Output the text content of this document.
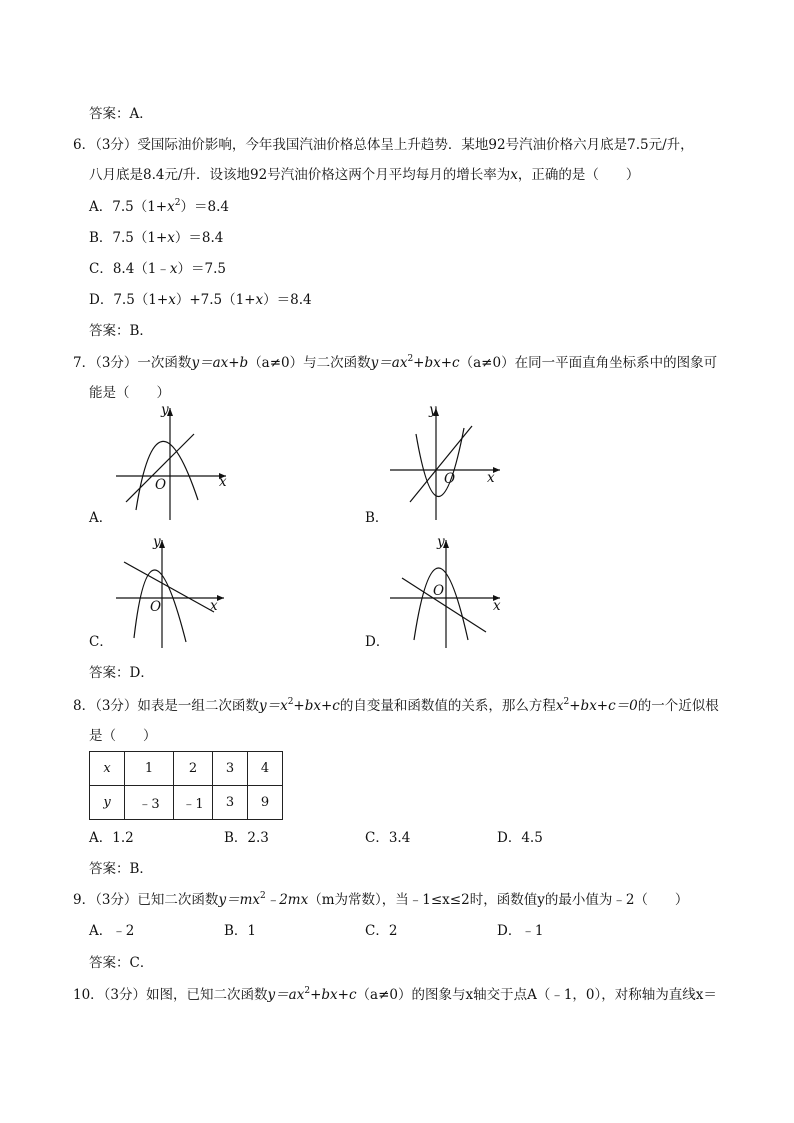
答案：A．
6．（3分）受国际油价影响，今年我国汽油价格总体呈上升趋势．某地92号汽油价格六月底是7.5元/升，
八月底是8.4元/升．设该地92号汽油价格这两个月平均每月的增长率为x，正确的是（　　）
A．$7.5(1+x^2)=8.4$
B．7.5（1+x）＝8.4
C．8.4（1﹣x）＝7.5
D．7.5（1+x）+7.5（1+x）＝8.4
答案：B．
7．（3分）一次函数y＝ax+b（a≠0）与二次函数$y=ax^2+bx+c(a\ne 0)$在同一平面直角坐标系中的图象可
能是（　　）
y
x
O
A．
y
x
O
B．
y
x
O
C．
y
x
O
D．
答案：D．
8．（3分）如表是一组二次函数$y=x^2+bx+c$的自变量和函数值的关系，那么方程$x^2+bx+c=0$的一个近似根
是（　　）
x	1	2	3	4
y	﹣3	﹣1	3	9
A．1.2	B．2.3	C．3.4	D．4.5
答案：B．
9．（3分）已知二次函数$y=mx^2﹣2mx(m$为常数），当﹣1≤x≤2时，函数值y的最小值为﹣2（　　）
A．﹣2	B．1	C．2	D．﹣1
答案：C．
10．（3分）如图，已知二次函数$y=ax^2+bx+c(a\ne 0)$的图象与x轴交于点A（﹣1，0），对称轴为直线x＝
